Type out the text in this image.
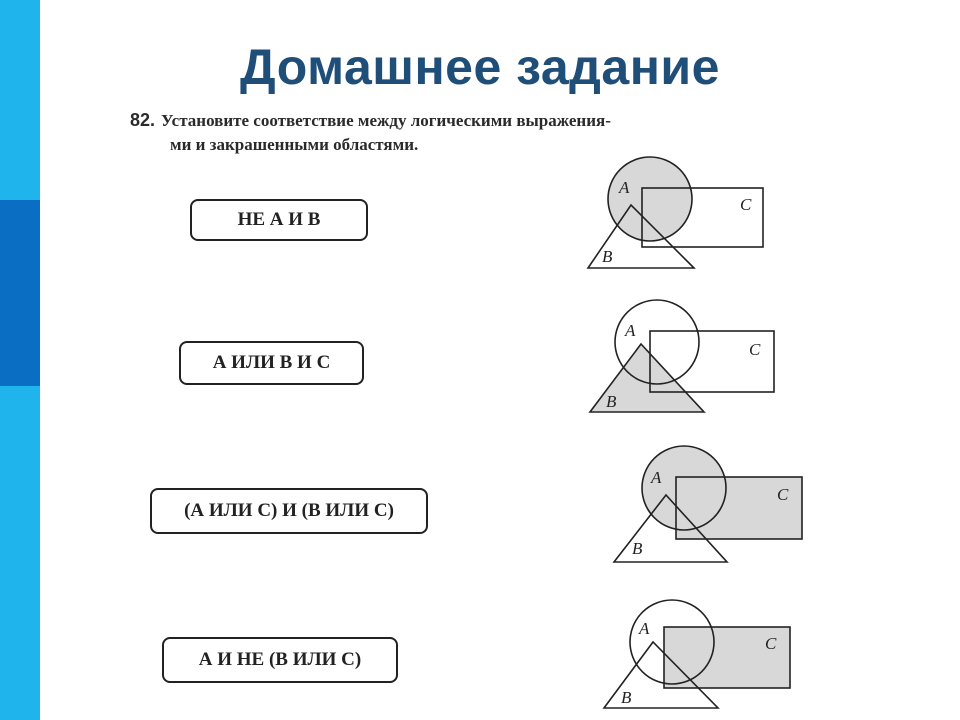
Домашнее задание
82. Установите соответствие между логическими выражения-
ми и закрашенными областями.
НЕ А И В
А ИЛИ В И С
(А ИЛИ С) И (В ИЛИ С)
А И НЕ (В ИЛИ С)
A
C
B
A
C
B
A
C
B
A
C
B
